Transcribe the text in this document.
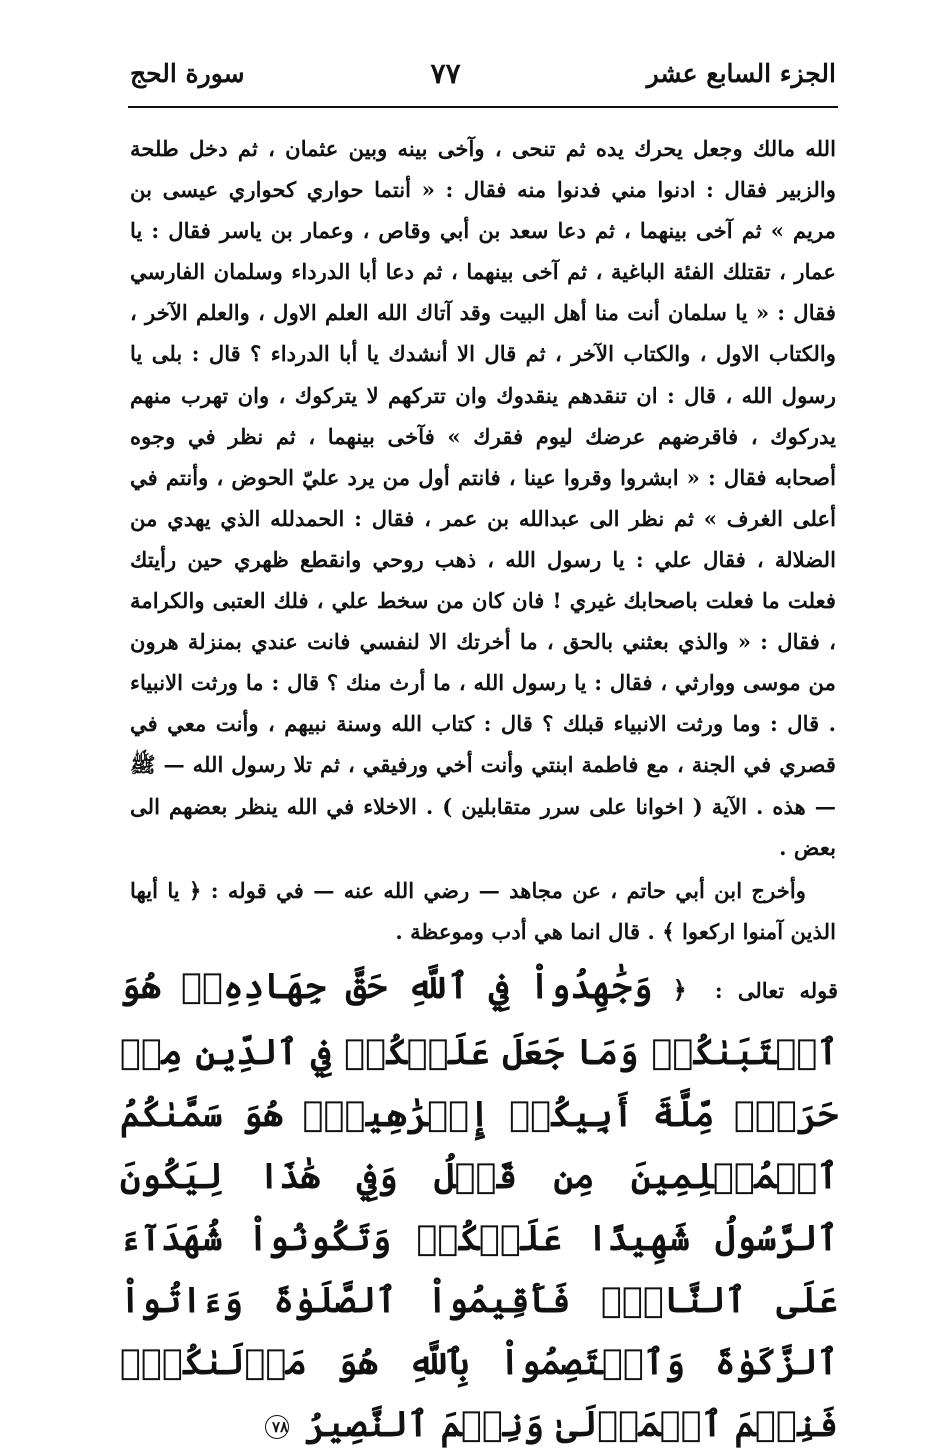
الجزء السابع عشر
٧٧
سورة الحج

الله مالك وجعل يحرك يده ثم تنحى ، وآخى بينه وبين عثمان ، ثم دخل طلحة والزبير فقال : ادنوا مني فدنوا منه فقال : « أنتما حواري كحواري عيسى بن مريم » ثم آخى بينهما ، ثم دعا سعد بن أبي وقاص ، وعمار بن ياسر فقال : يا عمار ، تقتلك الفئة الباغية ، ثم آخى بينهما ، ثم دعا أبا الدرداء وسلمان الفارسي فقال : « يا سلمان أنت منا أهل البيت وقد آتاك الله العلم الاول ، والعلم الآخر ، والكتاب الاول ، والكتاب الآخر ، ثم قال الا أنشدك يا أبا الدرداء ؟ قال : بلى يا رسول الله ، قال : ان تنقدهم ينقدوك وان تتركهم لا يتركوك ، وان تهرب منهم يدركوك ، فاقرضهم عرضك ليوم فقرك » فآخى بينهما ، ثم نظر في وجوه أصحابه فقال : « ابشروا وقروا عينا ، فانتم أول من يرد عليّ الحوض ، وأنتم في أعلى الغرف » ثم نظر الى عبدالله بن عمر ، فقال : الحمدلله الذي يهدي من الضلالة ، فقال علي : يا رسول الله ، ذهب روحي وانقطع ظهري حين رأيتك فعلت ما فعلت باصحابك غيري ! فان كان من سخط علي ، فلك العتبى والكرامة ، فقال : « والذي بعثني بالحق ، ما أخرتك الا لنفسي فانت عندي بمنزلة هرون من موسى ووارثي ، فقال : يا رسول الله ، ما أرث منك ؟ قال : ما ورثت الانبياء . قال : وما ورثت الانبياء قبلك ؟ قال : كتاب الله وسنة نبيهم ، وأنت معي في قصري في الجنة ، مع فاطمة ابنتي وأنت أخي ورفيقي ، ثم تلا رسول الله — ﷺ — هذه . الآية ( اخوانا على سرر متقابلين ) . الاخلاء في الله ينظر بعضهم الى بعض .

وأخرج ابن أبي حاتم ، عن مجاهد — رضي الله عنه — في قوله : ﴿ يا أيها الذين آمنوا اركعوا ﴾ . قال انما هي أدب وموعظة .

قوله تعالى : ﴿ وَجَٰهِدُواْ فِي ٱللَّهِ حَقَّ جِهَادِهِۦۚ هُوَ ٱجۡتَبَىٰكُمۡ وَمَا جَعَلَ عَلَيۡكُمۡ فِي ٱلدِّينِ مِنۡ حَرَجٖۚ مِّلَّةَ أَبِيكُمۡ إِبۡرَٰهِيمَۚ هُوَ سَمَّىٰكُمُ ٱلۡمُسۡلِمِينَ مِن قَبۡلُ وَفِي هَٰذَا لِيَكُونَ ٱلرَّسُولُ شَهِيدًا عَلَيۡكُمۡ وَتَكُونُواْ شُهَدَآءَ عَلَى ٱلنَّاسِۚ فَأَقِيمُواْ ٱلصَّلَوٰةَ وَءَاتُواْ ٱلزَّكَوٰةَ وَٱعۡتَصِمُواْ بِٱللَّهِ هُوَ مَوۡلَىٰكُمۡۖ فَنِعۡمَ ٱلۡمَوۡلَىٰ وَنِعۡمَ ٱلنَّصِيرُ ٧٨
